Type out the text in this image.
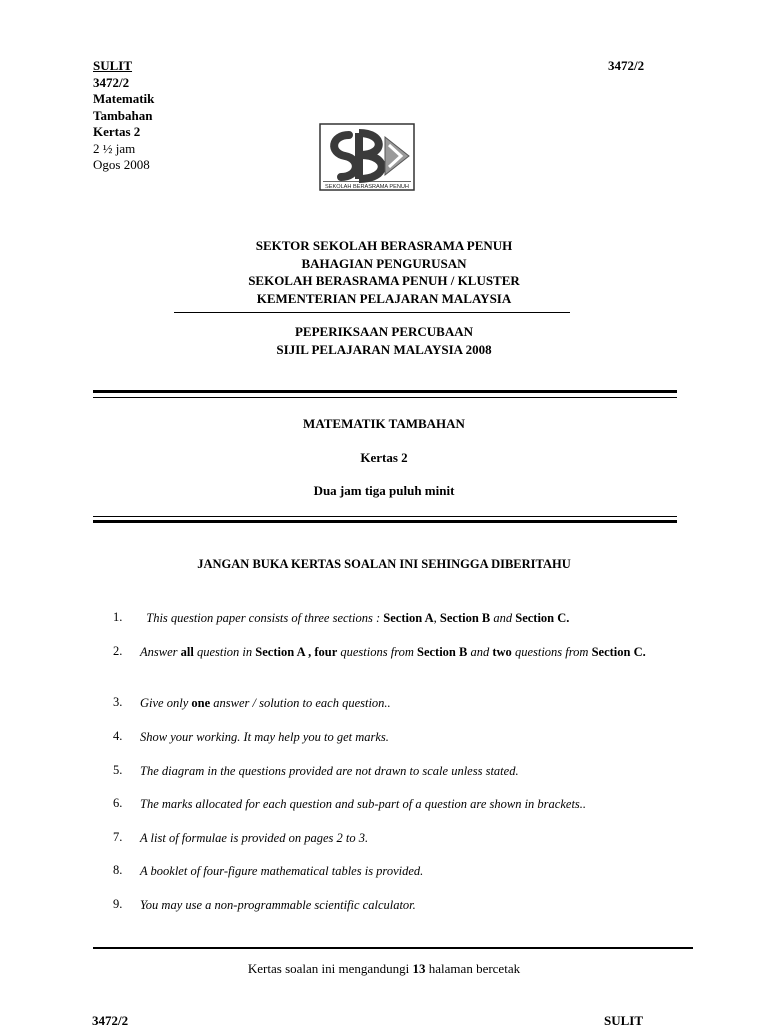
SULIT
3472/2
Matematik
Tambahan
Kertas 2
2 ½ jam
Ogos 2008
3472/2
SEKOLAH BERASRAMA PENUH
SEKTOR SEKOLAH BERASRAMA PENUH
BAHAGIAN PENGURUSAN
SEKOLAH BERASRAMA PENUH / KLUSTER
KEMENTERIAN PELAJARAN MALAYSIA
PEPERIKSAAN PERCUBAAN
SIJIL PELAJARAN MALAYSIA 2008
MATEMATIK TAMBAHAN
Kertas 2
Dua jam tiga puluh minit
JANGAN BUKA KERTAS SOALAN INI SEHINGGA DIBERITAHU
1.	This question paper consists of three sections : Section A, Section B and Section C.
2.	Answer all question in Section A , four questions from Section B and two questions from Section C.
3.	Give only one answer / solution to each question..
4.	Show your working. It may help you to get marks.
5.	The diagram in the questions provided are not drawn to scale unless stated.
6.	The marks allocated for each question and sub-part of a question are shown in brackets..
7.	A list of formulae is provided on pages 2 to 3.
8.	A booklet of four-figure mathematical tables is provided.
9.	You may use a non-programmable scientific calculator.
Kertas soalan ini mengandungi 13 halaman bercetak
3472/2	SULIT
